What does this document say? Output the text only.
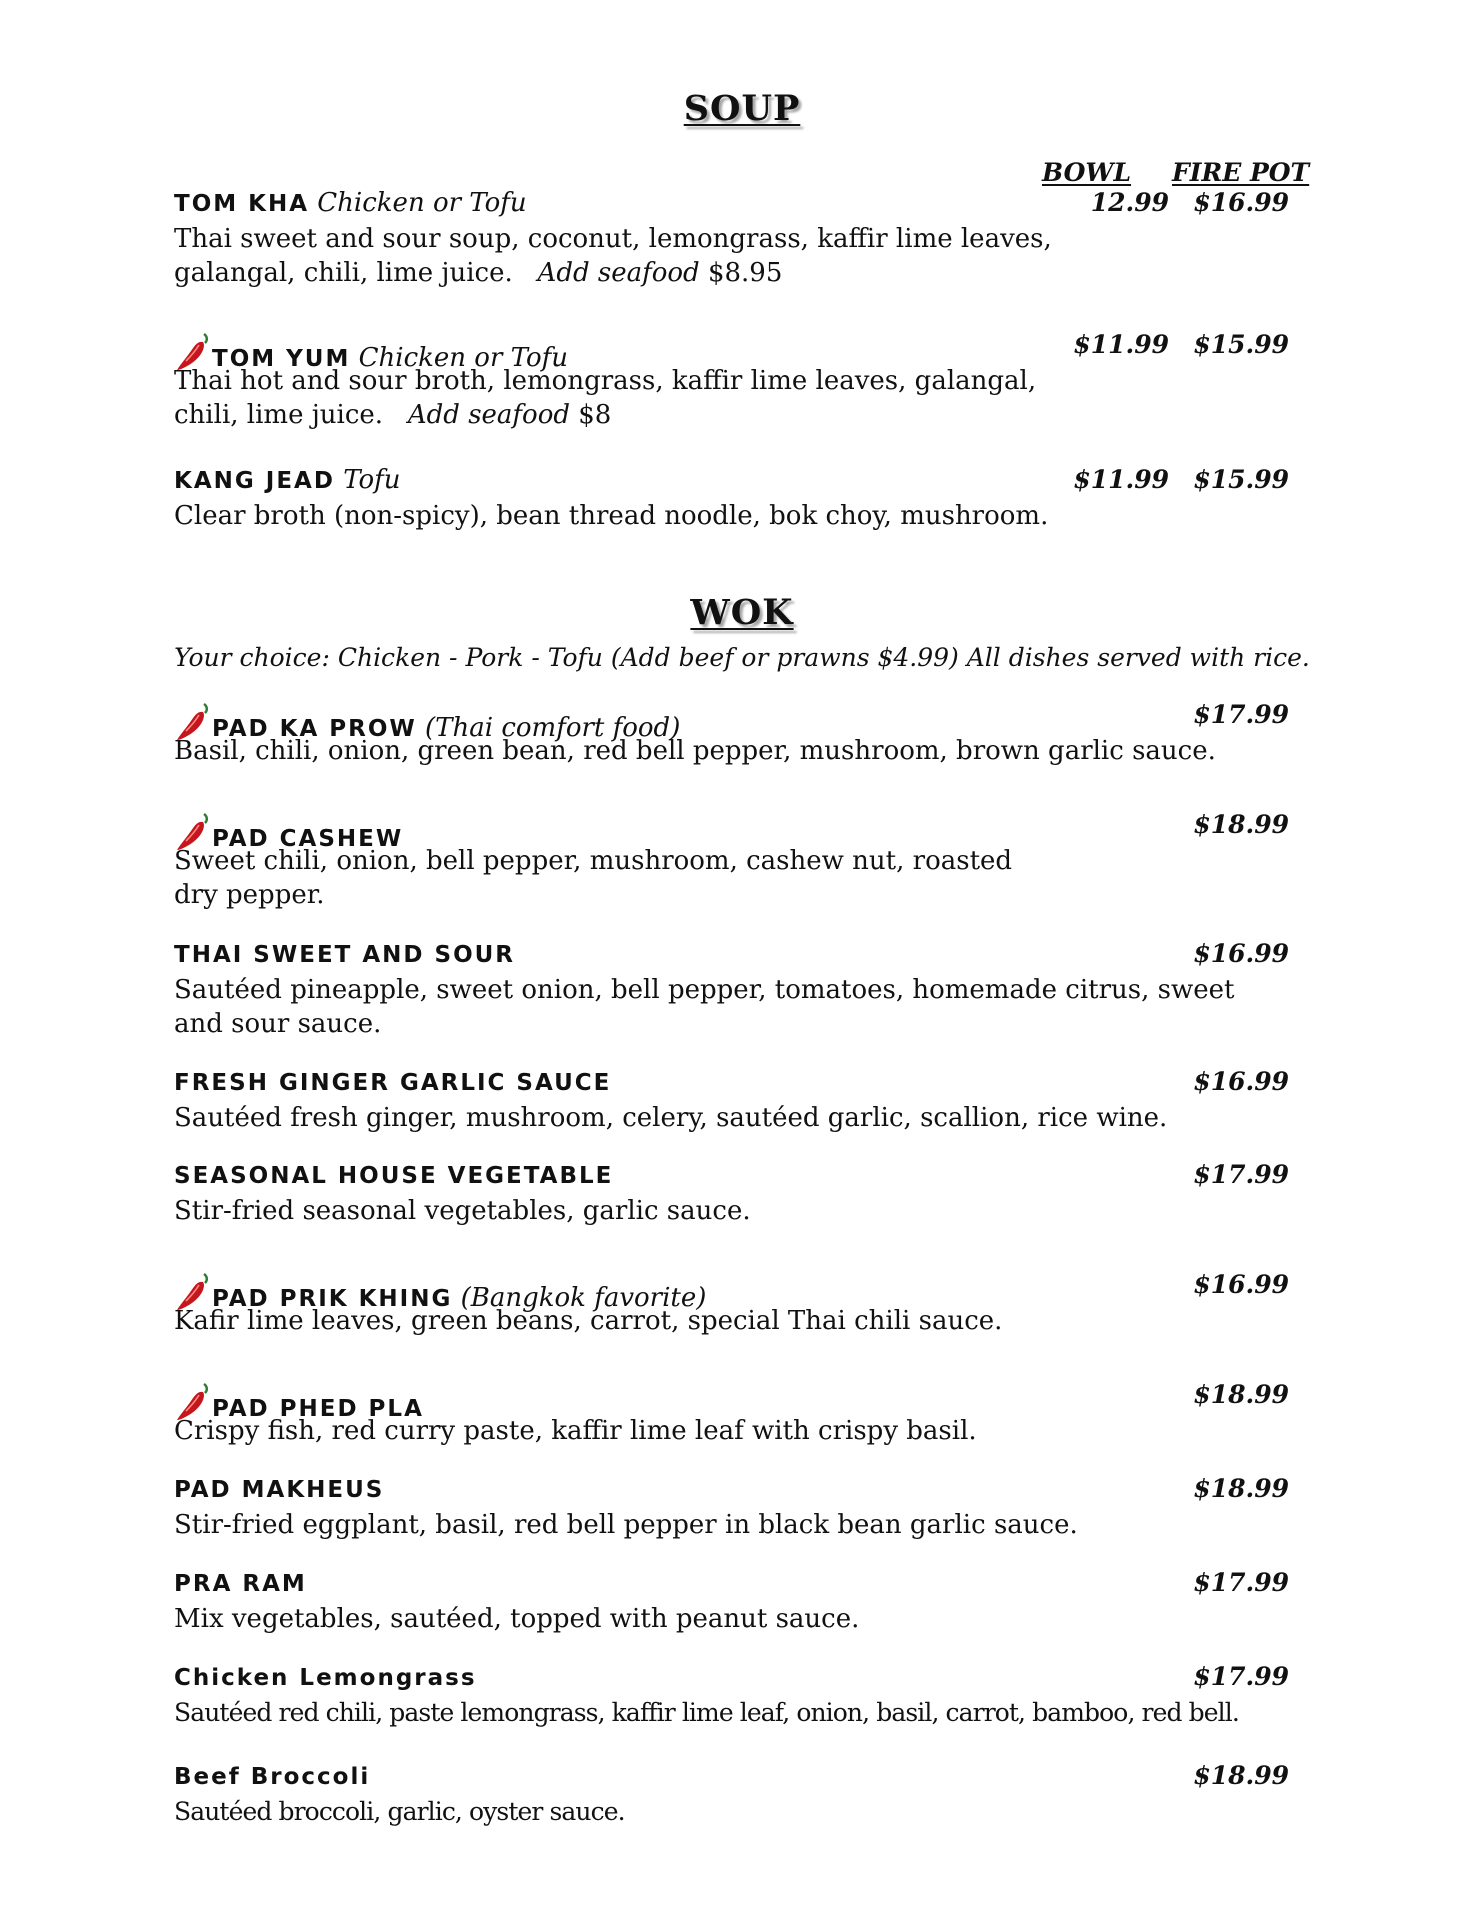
SOUP
BOWL FIRE POT
TOM KHA Chicken or Tofu	12.99 $16.99
Thai sweet and sour soup, coconut, lemongrass, kaffir lime leaves,
galangal, chili, lime juice. Add seafood $8.95
TOM YUM Chicken or Tofu	$11.99 $15.99
Thai hot and sour broth, lemongrass, kaffir lime leaves, galangal,
chili, lime juice. Add seafood $8
KANG JEAD Tofu	$11.99 $15.99
Clear broth (non-spicy), bean thread noodle, bok choy, mushroom.
WOK
Your choice: Chicken - Pork - Tofu (Add beef or prawns $4.99) All dishes served with rice.
PAD KA PROW (Thai comfort food)	$17.99
Basil, chili, onion, green bean, red bell pepper, mushroom, brown garlic sauce.
PAD CASHEW	$18.99
Sweet chili, onion, bell pepper, mushroom, cashew nut, roasted
dry pepper.
THAI SWEET AND SOUR	$16.99
Sautéed pineapple, sweet onion, bell pepper, tomatoes, homemade citrus, sweet
and sour sauce.
FRESH GINGER GARLIC SAUCE	$16.99
Sautéed fresh ginger, mushroom, celery, sautéed garlic, scallion, rice wine.
SEASONAL HOUSE VEGETABLE	$17.99
Stir-fried seasonal vegetables, garlic sauce.
PAD PRIK KHING (Bangkok favorite)	$16.99
Kafir lime leaves, green beans, carrot, special Thai chili sauce.
PAD PHED PLA	$18.99
Crispy fish, red curry paste, kaffir lime leaf with crispy basil.
PAD MAKHEUS	$18.99
Stir-fried eggplant, basil, red bell pepper in black bean garlic sauce.
PRA RAM	$17.99
Mix vegetables, sautéed, topped with peanut sauce.
Chicken Lemongrass	$17.99
Sautéed red chili, paste lemongrass, kaffir lime leaf, onion, basil, carrot, bamboo, red bell.
Beef Broccoli	$18.99
Sautéed broccoli, garlic, oyster sauce.
